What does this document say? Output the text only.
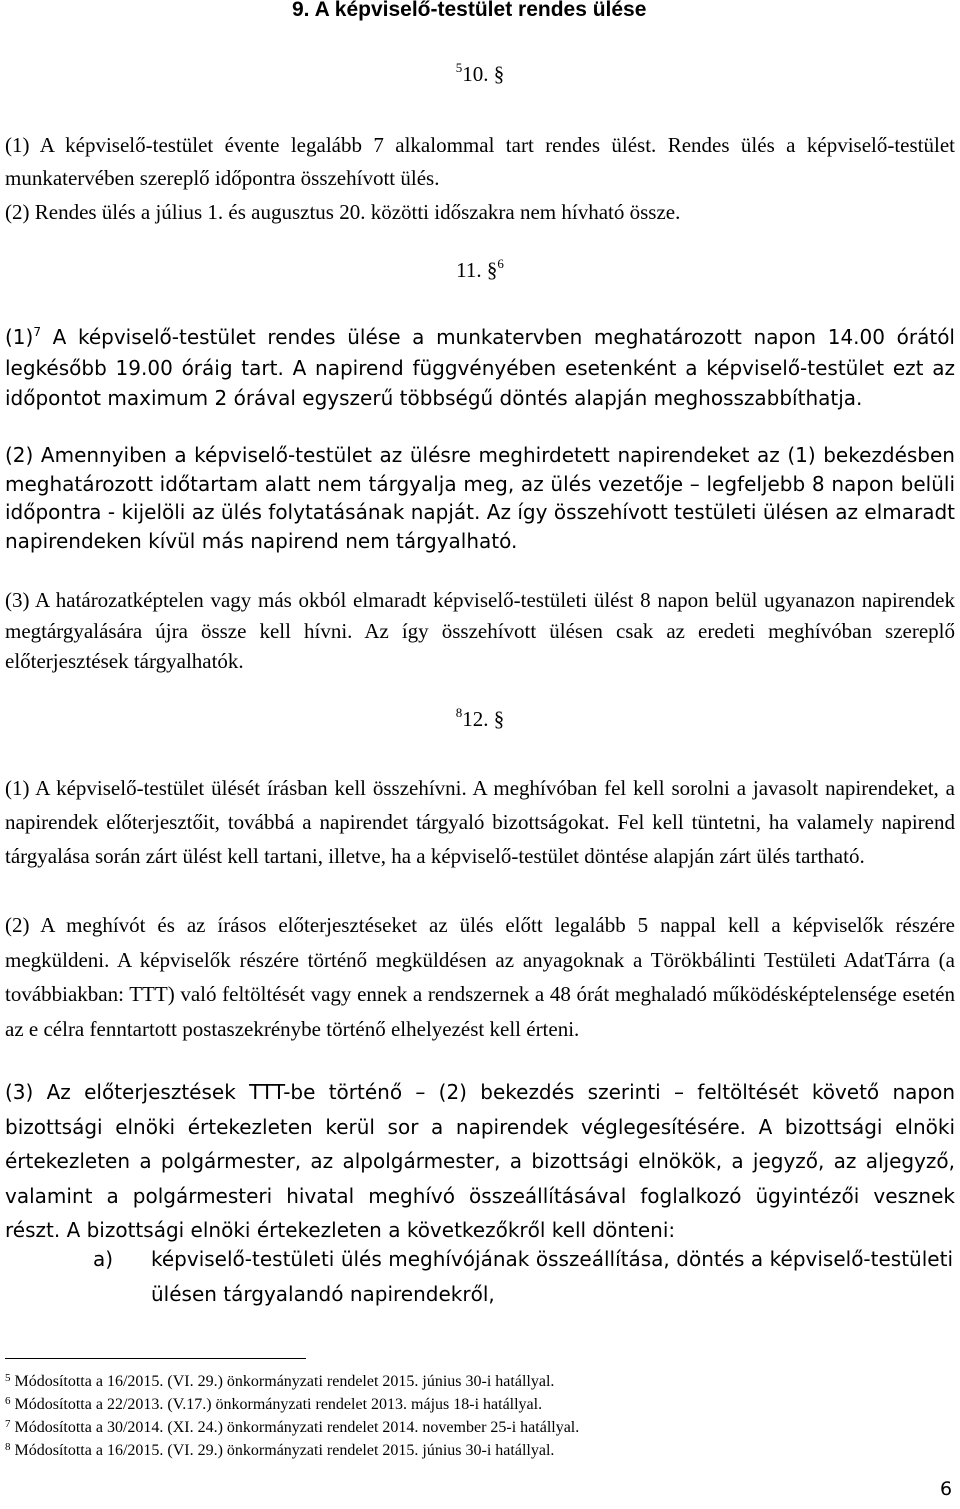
9. A képviselő-testület rendes ülése
$^5$10. §

(1) A képviselő-testület évente legalább 7 alkalommal tart rendes ülést. Rendes ülés a képviselő-testület munkatervében szereplő időpontra összehívott ülés.

(2) Rendes ülés a július 1. és augusztus 20. közötti időszakra nem hívható össze.

11. §$^6$

$(1)^7$ A képviselő-testület rendes ülése a munkatervben meghatározott napon 14.00 órától legkésőbb 19.00 óráig tart. A napirend függvényében esetenként a képviselő-testület ezt az időpontot maximum 2 órával egyszerű többségű döntés alapján meghosszabbíthatja.

(2) Amennyiben a képviselő-testület az ülésre meghirdetett napirendeket az (1) bekezdésben meghatározott időtartam alatt nem tárgyalja meg, az ülés vezetője – legfeljebb 8 napon belüli időpontra - kijelöli az ülés folytatásának napját. Az így összehívott testületi ülésen az elmaradt napirendeken kívül más napirend nem tárgyalható.

(3) A határozatképtelen vagy más okból elmaradt képviselő-testületi ülést 8 napon belül ugyanazon napirendek megtárgyalására újra össze kell hívni. Az így összehívott ülésen csak az eredeti meghívóban szereplő előterjesztések tárgyalhatók.

$^8$12. §

(1) A képviselő-testület ülését írásban kell összehívni. A meghívóban fel kell sorolni a javasolt napirendeket, a napirendek előterjesztőit, továbbá a napirendet tárgyaló bizottságokat. Fel kell tüntetni, ha valamely napirend tárgyalása során zárt ülést kell tartani, illetve, ha a képviselő-testület döntése alapján zárt ülés tartható.

(2) A meghívót és az írásos előterjesztéseket az ülés előtt legalább 5 nappal kell a képviselők részére megküldeni. A képviselők részére történő megküldésen az anyagoknak a Törökbálinti Testületi AdatTárra (a továbbiakban: TTT) való feltöltését vagy ennek a rendszernek a 48 órát meghaladó működésképtelensége esetén az e célra fenntartott postaszekrénybe történő elhelyezést kell érteni.

(3) Az előterjesztések TTT-be történő – (2) bekezdés szerinti – feltöltését követő napon bizottsági elnöki értekezleten kerül sor a napirendek véglegesítésére. A bizottsági elnöki értekezleten a polgármester, az alpolgármester, a bizottsági elnökök, a jegyző, az aljegyző, valamint a polgármesteri hivatal meghívó összeállításával foglalkozó ügyintézői vesznek részt. A bizottsági elnöki értekezleten a következőkről kell dönteni:

a) képviselő-testületi ülés meghívójának összeállítása, döntés a képviselő-testületi ülésen tárgyalandó napirendekről,
$^5$ Módosította a 16/2015. (VI. 29.) önkormányzati rendelet 2015. június 30-i hatállyal.
$^6$ Módosította a 22/2013. (V.17.) önkormányzati rendelet 2013. május 18-i hatállyal.
$^7$ Módosította a 30/2014. (XI. 24.) önkormányzati rendelet 2014. november 25-i hatállyal.
$^8$ Módosította a 16/2015. (VI. 29.) önkormányzati rendelet 2015. június 30-i hatállyal.
6
